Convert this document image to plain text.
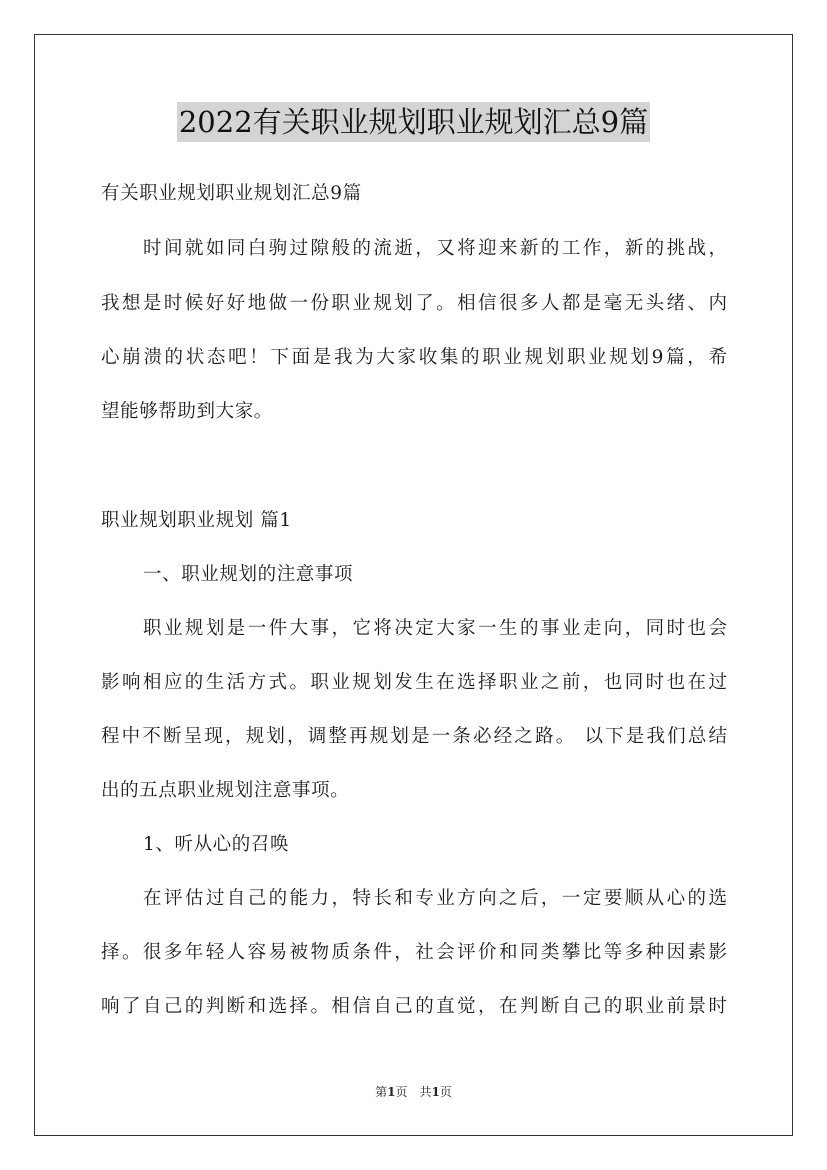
2022有关职业规划职业规划汇总9篇
有关职业规划职业规划汇总9篇
时间就如同白驹过隙般的流逝，又将迎来新的工作，新的挑战，
我想是时候好好地做一份职业规划了。相信很多人都是毫无头绪、内
心崩溃的状态吧！下面是我为大家收集的职业规划职业规划9篇，希
望能够帮助到大家。
职业规划职业规划 篇1
一、职业规划的注意事项
职业规划是一件大事，它将决定大家一生的事业走向，同时也会
影响相应的生活方式。职业规划发生在选择职业之前，也同时也在过
程中不断呈现，规划，调整再规划是一条必经之路。 以下是我们总结
出的五点职业规划注意事项。
1、听从心的召唤
在评估过自己的能力，特长和专业方向之后，一定要顺从心的选
择。很多年轻人容易被物质条件，社会评价和同类攀比等多种因素影
响了自己的判断和选择。相信自己的直觉，在判断自己的职业前景时
第1页　共1页
